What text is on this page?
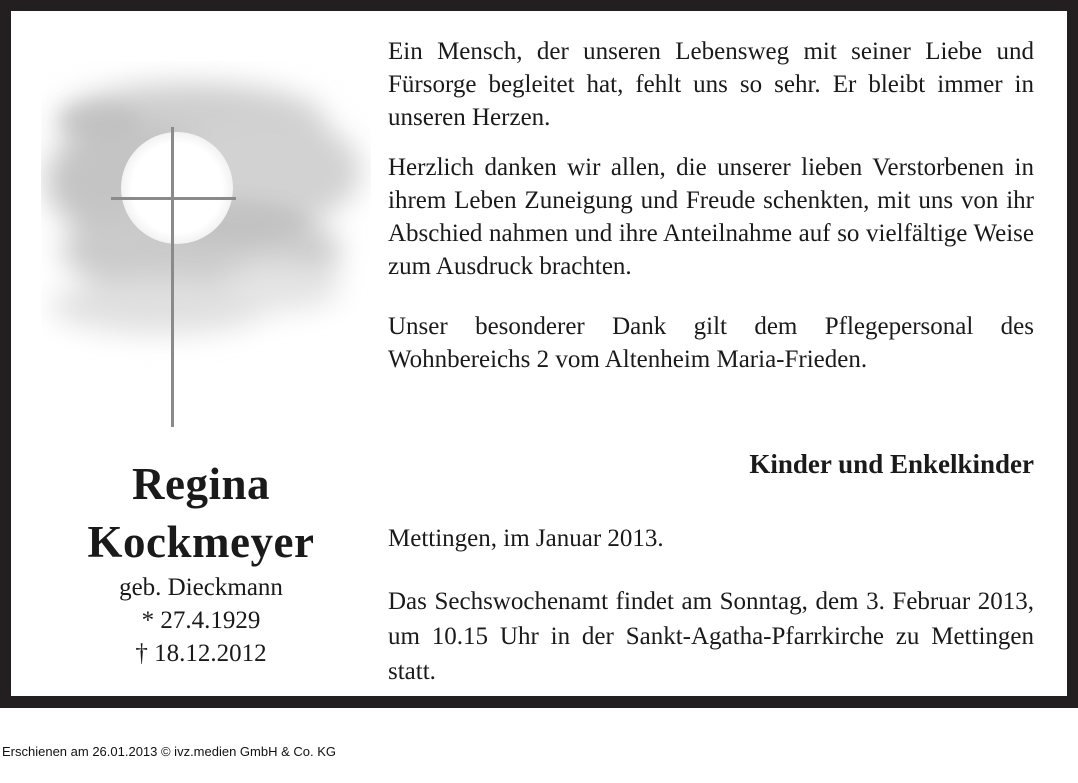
Regina
Kockmeyer
geb. Dieckmann
* 27.4.1929
† 18.12.2012

Ein Mensch, der unseren Lebensweg mit seiner Liebe und Fürsorge begleitet hat, fehlt uns so sehr. Er bleibt immer in unseren Herzen.

Herzlich danken wir allen, die unserer lieben Verstorbenen in ihrem Leben Zuneigung und Freude schenkten, mit uns von ihr Abschied nahmen und ihre Anteilnahme auf so vielfältige Weise zum Ausdruck brachten.

Unser besonderer Dank gilt dem Pflegepersonal des Wohnbereichs 2 vom Altenheim Maria-Frieden.

Kinder und Enkelkinder
Mettingen, im Januar 2013.

Das Sechswochenamt findet am Sonntag, dem 3. Februar 2013, um 10.15 Uhr in der Sankt-Agatha-Pfarrkirche zu Mettingen statt.

Erschienen am 26.01.2013 © ivz.medien GmbH & Co. KG
